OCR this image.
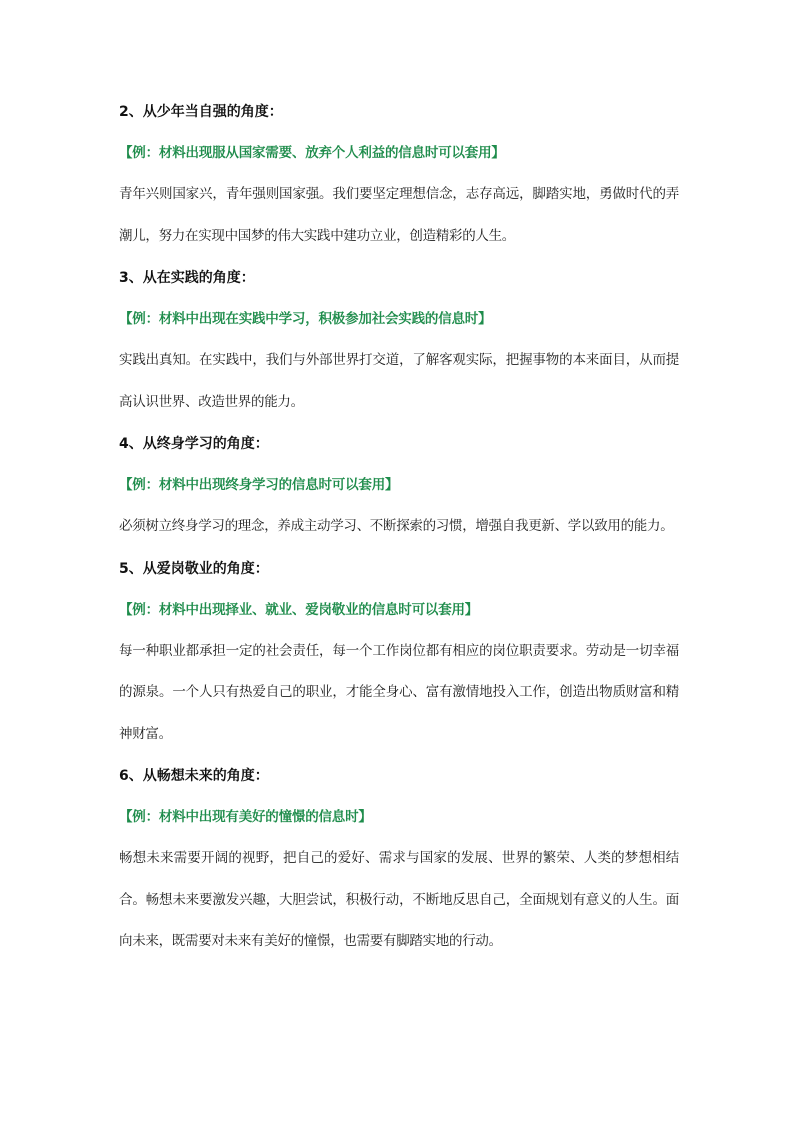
2、从少年当自强的角度：
【例：材料出现服从国家需要、放弃个人利益的信息时可以套用】
青年兴则国家兴，青年强则国家强。我们要坚定理想信念，志存高远，脚踏实地，勇做时代的弄潮儿，努力在实现中国梦的伟大实践中建功立业，创造精彩的人生。
3、从在实践的角度：
【例：材料中出现在实践中学习，积极参加社会实践的信息时】
实践出真知。在实践中，我们与外部世界打交道，了解客观实际，把握事物的本来面目，从而提高认识世界、改造世界的能力。
4、从终身学习的角度：
【例：材料中出现终身学习的信息时可以套用】
必须树立终身学习的理念，养成主动学习、不断探索的习惯，增强自我更新、学以致用的能力。
5、从爱岗敬业的角度：
【例：材料中出现择业、就业、爱岗敬业的信息时可以套用】
每一种职业都承担一定的社会责任，每一个工作岗位都有相应的岗位职责要求。劳动是一切幸福的源泉。一个人只有热爱自己的职业，才能全身心、富有激情地投入工作，创造出物质财富和精神财富。
6、从畅想未来的角度：
【例：材料中出现有美好的憧憬的信息时】
畅想未来需要开阔的视野，把自己的爱好、需求与国家的发展、世界的繁荣、人类的梦想相结合。畅想未来要激发兴趣，大胆尝试，积极行动，不断地反思自己，全面规划有意义的人生。面向未来，既需要对未来有美好的憧憬，也需要有脚踏实地的行动。
